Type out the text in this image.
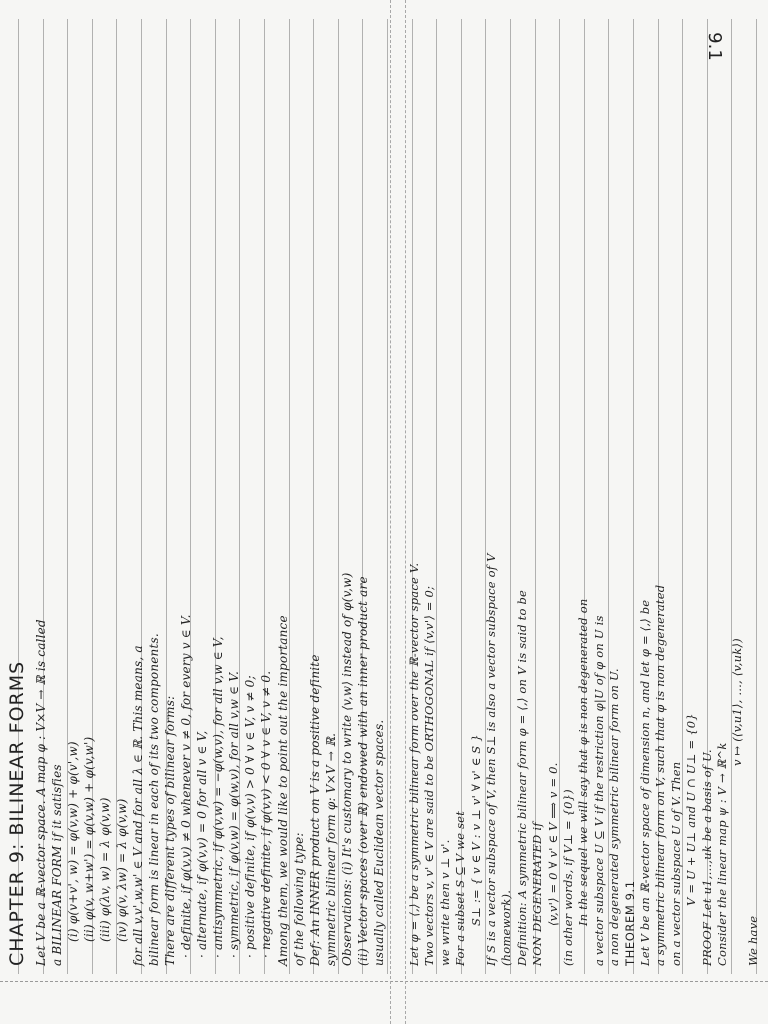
9.1
CHAPTER 9: BILINEAR FORMS Let V be a ℝ-vector space. A map φ : V×V → ℝ is called a BILINEAR FORM if it satisfies (i) φ(v+v', w) = φ(v,w) + φ(v',w) (ii) φ(v, w+w') = φ(v,w) + φ(v,w') (iii) φ(λv, w) = λ φ(v,w) (iv) φ(v, λw) = λ φ(v,w) for all v,v',w,w' ∈ V and for all λ ∈ ℝ. This means, a bilinear form is linear in each of its two components. There are different types of bilinear forms: · definite, if φ(v,v) ≠ 0 whenever v ≠ 0, for every v ∈ V. · alternate, if φ(v,v) = 0 for all v ∈ V, · antisymmetric, if φ(v,w) = −φ(w,v), for all v,w ∈ V, · symmetric, if φ(v,w) = φ(w,v), for all v,w ∈ V. · positive definite, if φ(v,v) > 0 ∀ v ∈ V, v ≠ 0; · negative definite, if φ(v,v) < 0 ∀ v ∈ V, v ≠ 0. Among them, we would like to point out the importance of the following type: Def: An INNER product on V is a positive definite symmetric bilinear form φ: V×V → ℝ. Observations: (i) It's customary to write ⟨v,w⟩ instead of φ(v,w) (ii) Vector spaces (over ℝ) endowed with an inner product are usually called Euclidean vector spaces. Let φ = ⟨,⟩ be a symmetric bilinear form over the ℝ-vector space V. Two vectors v, v' ∈ V are said to be ORTHOGONAL if ⟨v,v'⟩ = 0; we write then v ⊥ v'. For a subset S ⊆ V we set S⊥ := { v ∈ V : v ⊥ v' ∀ v' ∈ S } If S is a vector subspace of V, then S⊥ is also a vector subspace of V (homework). Definition: A symmetric bilinear form φ = ⟨,⟩ on V is said to be NON DEGENERATED if ⟨v,v'⟩ = 0 ∀ v' ∈ V ⟹ v = 0. (in other words, if V⊥ = {0}) In the sequel we will say that φ is non degenerated on a vector subspace U ⊆ V if the restriction φ|U of φ on U is a non degenerated symmetric bilinear form on U. THEOREM 9.1 Let V be an ℝ-vector space of dimension n, and let φ = ⟨,⟩ be a symmetric bilinear form on V, such that φ is non degenerated on a vector subspace U of V. Then V = U + U⊥ and U ∩ U⊥ = {0} PROOF Let u1,…,uk be a basis of U. Consider the linear map ψ : V → ℝ^k
v ↦ (⟨v,u1⟩, …, ⟨v,uk⟩)
We have
